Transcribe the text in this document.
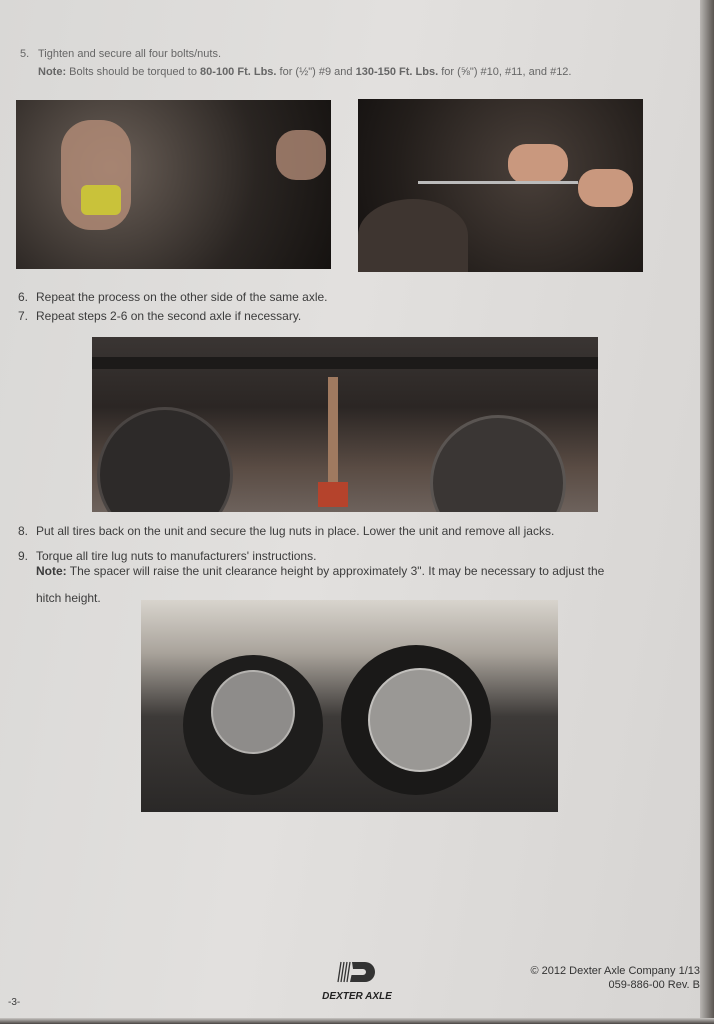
5. Tighten and secure all four bolts/nuts.
Note: Bolts should be torqued to 80-100 Ft. Lbs. for (½") #9 and 130-150 Ft. Lbs. for (⅝") #10, #11, and #12.
6. Repeat the process on the other side of the same axle.
7. Repeat steps 2-6 on the second axle if necessary.
8. Put all tires back on the unit and secure the lug nuts in place. Lower the unit and remove all jacks.
9. Torque all tire lug nuts to manufacturers' instructions.
Note: The spacer will raise the unit clearance height by approximately 3". It may be necessary to adjust the
hitch height.
DEXTER AXLE
© 2012 Dexter Axle Company 1/13
059-886-00 Rev. B
-3-
